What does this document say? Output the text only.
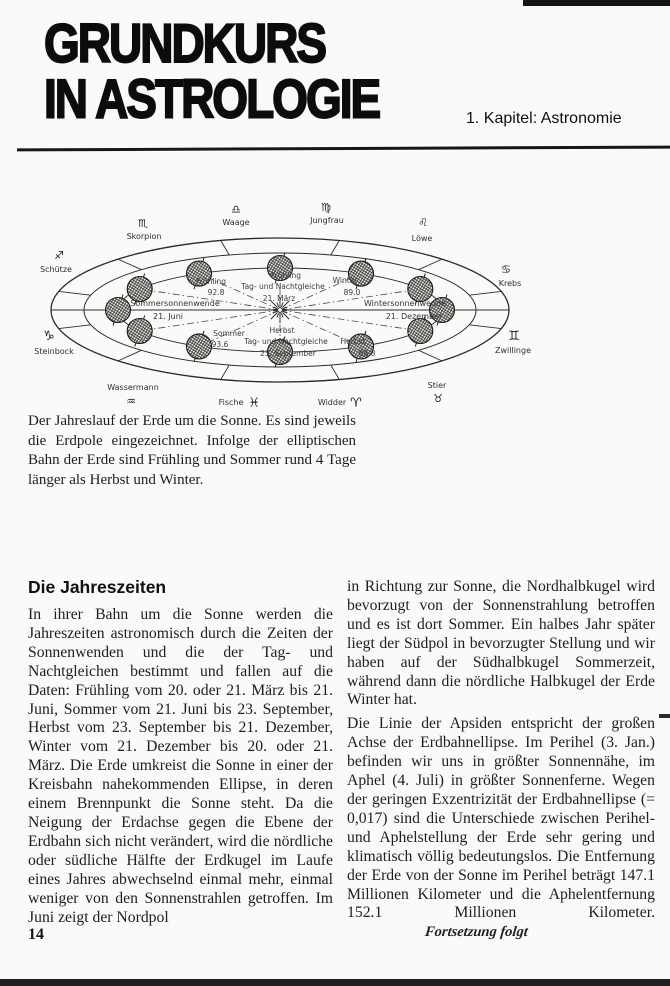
GRUNDKURS
IN ASTROLOGIE	1. Kapitel: Astronomie
♎
Waage
♍
Jungfrau
♏
Skorpion
♌
Löwe
♐
Schütze	♋
Krebs
♑
Steinbock
♊
Zwillinge
Wassermann
♒	Fische ♓	Widder ♈
Stier
♉
Frühling
Tag- und Nachtgleiche
21. März
Frühling
92.8
Winter
89.0
Sommersonnenwende
21. Juni
Wintersonnenwende
21. Dezember
Sommer
93.6
Herbst
Tag- und Nachtgleiche
23. September
Herbst
89.8

Der Jahreslauf der Erde um die Sonne. Es sind jeweils die Erdpole eingezeichnet. Infolge der elliptischen Bahn der Erde sind Frühling und Sommer rund 4 Tage länger als Herbst und Winter.

Die Jahreszeiten

In ihrer Bahn um die Sonne werden die Jahreszeiten astronomisch durch die Zeiten der Sonnenwenden und die der Tag- und Nachtgleichen bestimmt und fallen auf die Daten: Frühling vom 20. oder 21. März bis 21. Juni, Sommer vom 21. Juni bis 23. September, Herbst vom 23. September bis 21. Dezember, Winter vom 21. Dezember bis 20. oder 21. März. Die Erde umkreist die Sonne in einer der Kreisbahn nahekommenden Ellipse, in deren einem Brennpunkt die Sonne steht. Da die Neigung der Erdachse gegen die Ebene der Erdbahn sich nicht verändert, wird die nördliche oder südliche Hälfte der Erdkugel im Laufe eines Jahres abwechselnd einmal mehr, einmal weniger von den Sonnenstrahlen getroffen. Im Juni zeigt der Nordpol

in Richtung zur Sonne, die Nordhalbkugel wird bevorzugt von der Sonnenstrahlung betroffen und es ist dort Sommer. Ein halbes Jahr später liegt der Südpol in bevorzugter Stellung und wir haben auf der Südhalbkugel Sommerzeit, während dann die nördliche Halbkugel der Erde Winter hat.

Die Linie der Apsiden entspricht der großen Achse der Erdbahnellipse. Im Perihel (3. Jan.) befinden wir uns in größter Sonnennähe, im Aphel (4. Juli) in größter Sonnenferne. Wegen der geringen Exzentrizität der Erdbahnellipse (= 0,017) sind die Unterschiede zwischen Perihel- und Aphelstellung der Erde sehr gering und klimatisch völlig bedeutungslos. Die Entfernung der Erde von der Sonne im Perihel beträgt 147.1 Millionen Kilometer und die Aphelentfernung 152.1 Millionen Kilometer. Fortsetzung folgt

14
